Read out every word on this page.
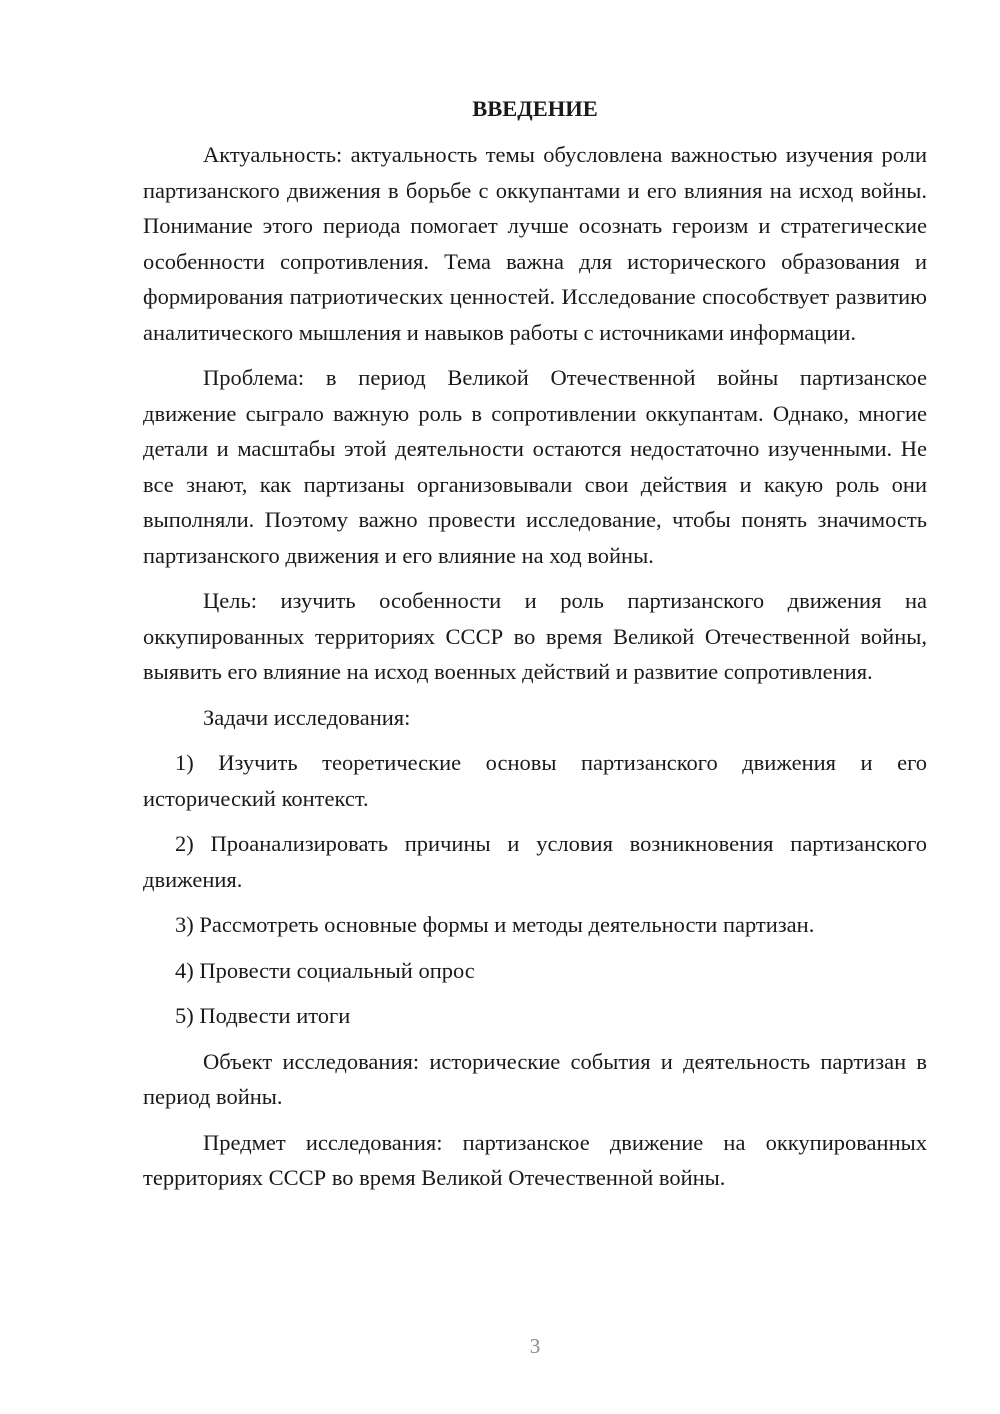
ВВЕДЕНИЕ

Актуальность: актуальность темы обусловлена важностью изучения роли партизанского движения в борьбе с оккупантами и его влияния на исход войны. Понимание этого периода помогает лучше осознать героизм и стратегические особенности сопротивления. Тема важна для исторического образования и формирования патриотических ценностей. Исследование способствует развитию аналитического мышления и навыков работы с источниками информации.

Проблема: в период Великой Отечественной войны партизанское движение сыграло важную роль в сопротивлении оккупантам. Однако, многие детали и масштабы этой деятельности остаются недостаточно изученными. Не все знают, как партизаны организовывали свои действия и какую роль они выполняли. Поэтому важно провести исследование, чтобы понять значимость партизанского движения и его влияние на ход войны.

Цель: изучить особенности и роль партизанского движения на оккупированных территориях СССР во время Великой Отечественной войны, выявить его влияние на исход военных действий и развитие сопротивления.

Задачи исследования:

1) Изучить теоретические основы партизанского движения и его исторический контекст.

2) Проанализировать причины и условия возникновения партизанского движения.

3) Рассмотреть основные формы и методы деятельности партизан.

4) Провести социальный опрос

5) Подвести итоги

Объект исследования: исторические события и деятельность партизан в период войны.

Предмет исследования: партизанское движение на оккупированных территориях СССР во время Великой Отечественной войны.

3
